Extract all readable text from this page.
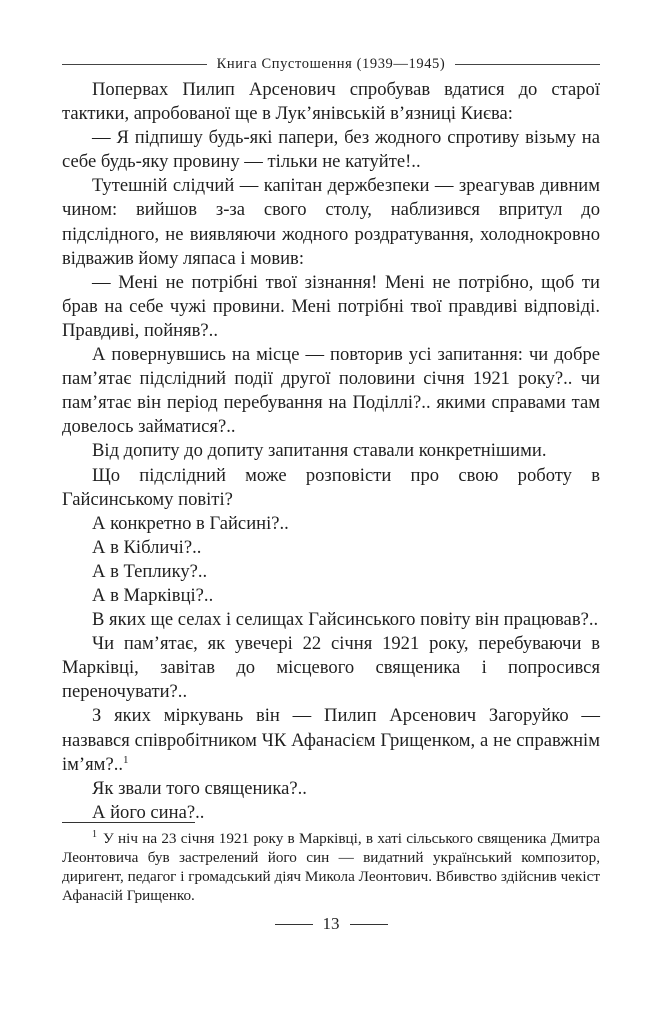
Книга Спустошення (1939—1945)

Поперваx Пилип Арсенович спробував вдатися до старої тактики, апробованої ще в Лук’янівській в’язниці Києва:

— Я підпишу будь-які папери, без жодного спротиву візьму на себе будь-яку провину — тільки не катуйте!..

Тутешній слідчий — капітан держбезпеки — зреагував дивним чином: вийшов з-за свого столу, наблизився впритул до підслідного, не виявляючи жодного роздратування, холоднокровно відважив йому ляпаса і мовив:

— Мені не потрібні твої зізнання! Мені не потрібно, щоб ти брав на себе чужі провини. Мені потрібні твої правдиві відповіді. Правдиві, пойняв?..

А повернувшись на місце — повторив усі запитання: чи добре пам’ятає підслідний події другої половини січня 1921 року?.. чи пам’ятає він період перебування на Поділлі?.. якими справами там довелось займатися?..

Від допиту до допиту запитання ставали конкретнішими.

Що підслідний може розповісти про свою роботу в Гайсинському повіті?

А конкретно в Гайсині?..

А в Кібличі?..

А в Теплику?..

А в Марківці?..

В яких ще селах і селищах Гайсинського повіту він працював?..

Чи пам’ятає, як увечері 22 січня 1921 року, перебуваючи в Марківці, завітав до місцевого священика і попросився переночувати?..

З яких міркувань він — Пилип Арсенович Загоруйко — назвався співробітником ЧК Афанасієм Грищенком, а не справжнім ім’ям?..$^1$

Як звали того священика?..

А його сина?..

$^1$ У ніч на 23 січня 1921 року в Марківці, в хаті сільського священика Дмитра Леонтовича був застрелений його син — видатний український композитор, диригент, педагог і громадський діяч Микола Леонтович. Вбивство здійснив чекіст Афанасій Грищенко.

13
